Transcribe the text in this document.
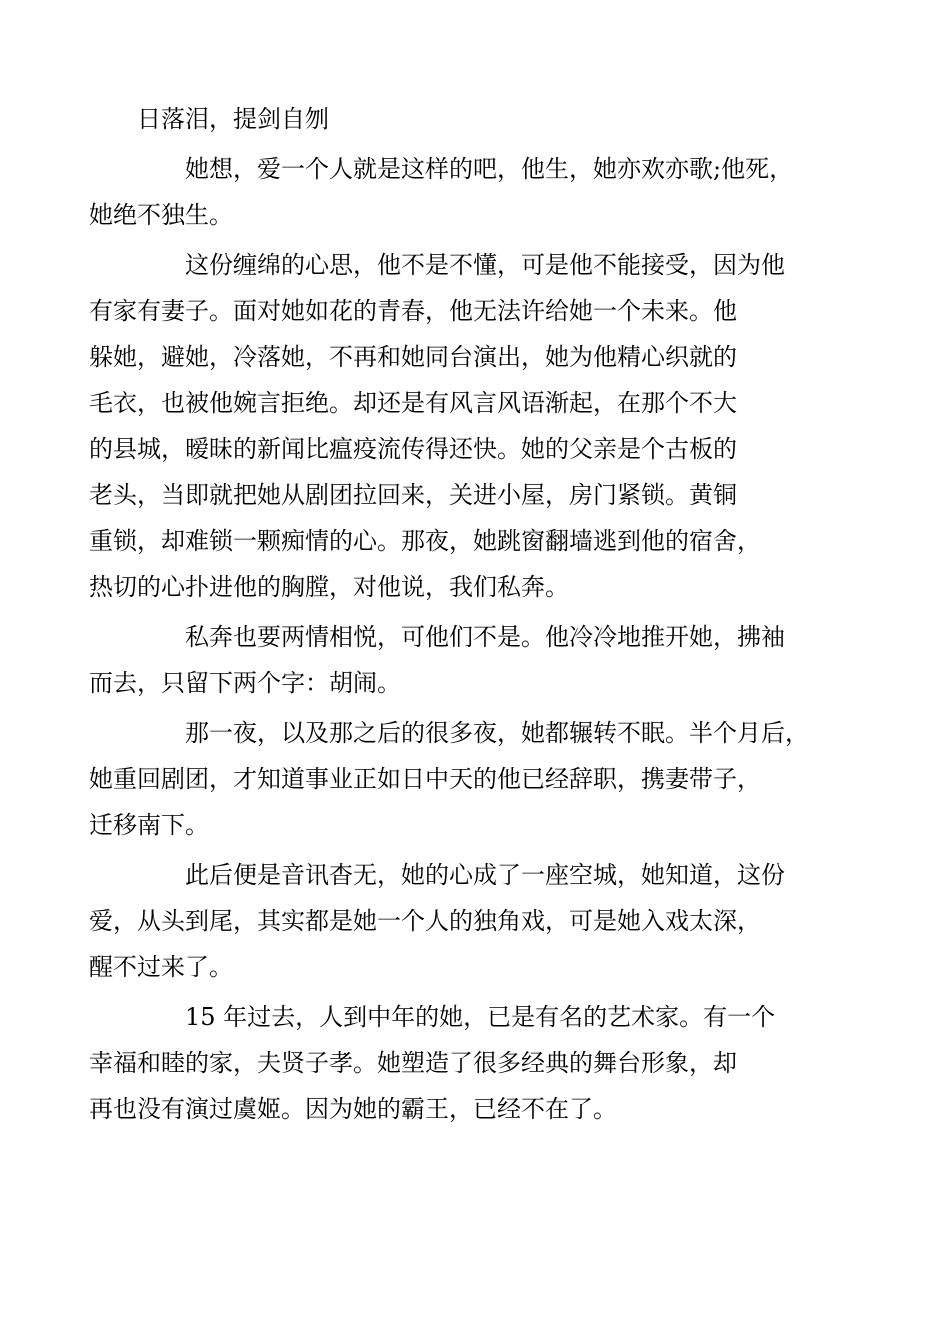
日落泪，提剑自刎

她想，爱一个人就是这样的吧，他生，她亦欢亦歌;他死，
她绝不独生。

这份缠绵的心思，他不是不懂，可是他不能接受，因为他
有家有妻子。面对她如花的青春，他无法许给她一个未来。他
躲她，避她，冷落她，不再和她同台演出，她为他精心织就的
毛衣，也被他婉言拒绝。却还是有风言风语渐起，在那个不大
的县城，暧昧的新闻比瘟疫流传得还快。她的父亲是个古板的
老头，当即就把她从剧团拉回来，关进小屋，房门紧锁。黄铜
重锁，却难锁一颗痴情的心。那夜，她跳窗翻墙逃到他的宿舍，
热切的心扑进他的胸膛，对他说，我们私奔。

私奔也要两情相悦，可他们不是。他冷冷地推开她，拂袖
而去，只留下两个字：胡闹。

那一夜，以及那之后的很多夜，她都辗转不眠。半个月后，
她重回剧团，才知道事业正如日中天的他已经辞职，携妻带子，
迁移南下。

此后便是音讯杳无，她的心成了一座空城，她知道，这份
爱，从头到尾，其实都是她一个人的独角戏，可是她入戏太深，
醒不过来了。

15 年过去，人到中年的她，已是有名的艺术家。有一个
幸福和睦的家，夫贤子孝。她塑造了很多经典的舞台形象，却
再也没有演过虞姬。因为她的霸王，已经不在了。
